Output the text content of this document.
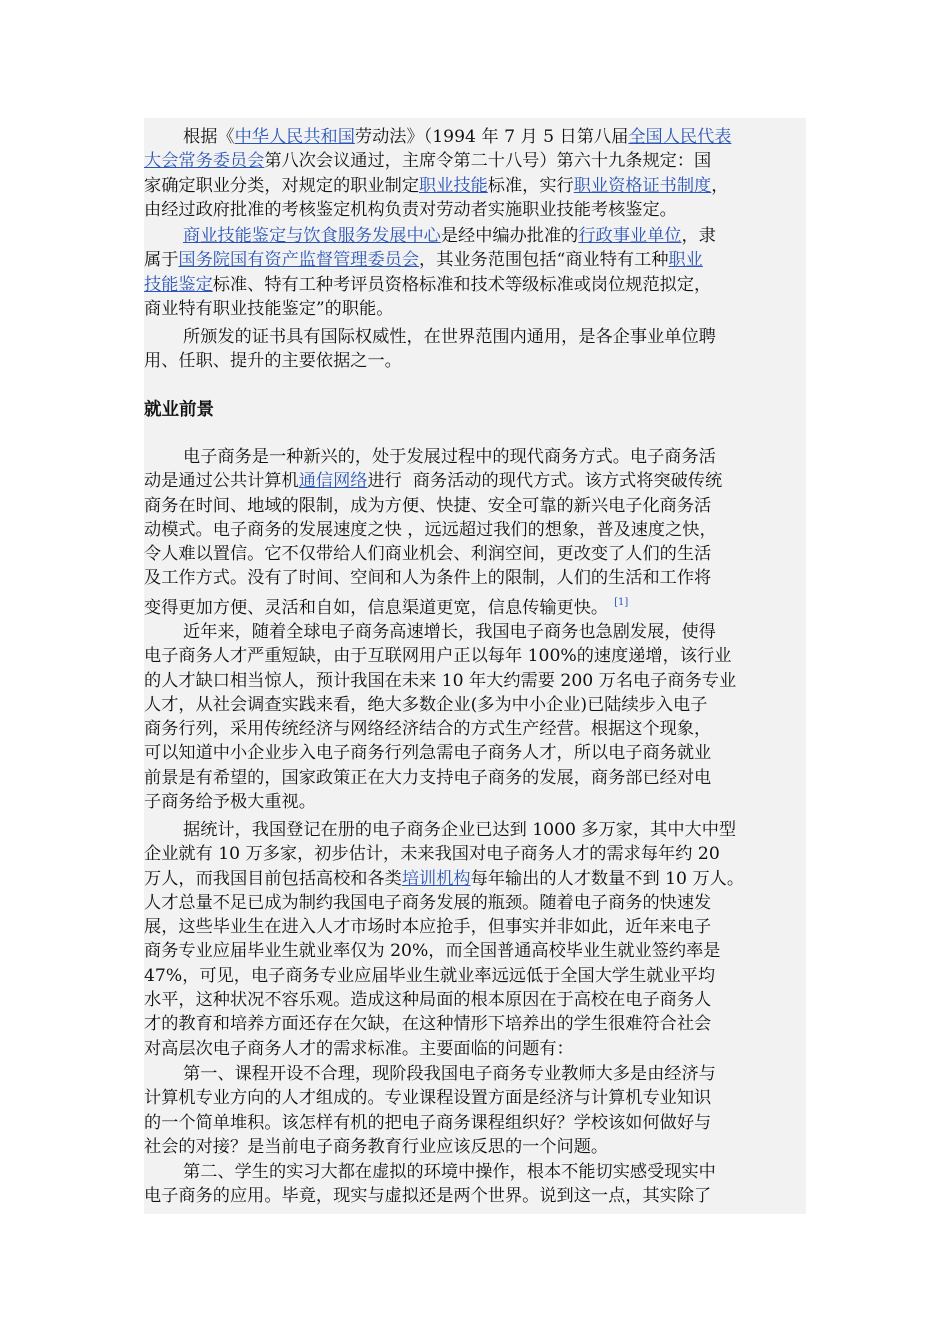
根据《中华人民共和国劳动法》（1994 年 7 月 5 日第八届全国人民代表
大会常务委员会第八次会议通过，主席令第二十八号）第六十九条规定：国
家确定职业分类，对规定的职业制定职业技能标准，实行职业资格证书制度，
由经过政府批准的考核鉴定机构负责对劳动者实施职业技能考核鉴定。
商业技能鉴定与饮食服务发展中心是经中编办批准的行政事业单位，隶
属于国务院国有资产监督管理委员会，其业务范围包括“商业特有工种职业
技能鉴定标准、特有工种考评员资格标准和技术等级标准或岗位规范拟定，
商业特有职业技能鉴定”的职能。
所颁发的证书具有国际权威性，在世界范围内通用，是各企事业单位聘
用、任职、提升的主要依据之一。
就业前景
电子商务是一种新兴的，处于发展过程中的现代商务方式。电子商务活
动是通过公共计算机通信网络进行  商务活动的现代方式。该方式将突破传统
商务在时间、地域的限制，成为方便、快捷、安全可靠的新兴电子化商务活
动模式。电子商务的发展速度之快 ，远远超过我们的想象，普及速度之快，
令人难以置信。它不仅带给人们商业机会、利润空间，更改变了人们的生活
及工作方式。没有了时间、空间和人为条件上的限制，人们的生活和工作将
变得更加方便、灵活和自如，信息渠道更宽，信息传输更快。 [1]
近年来，随着全球电子商务高速增长，我国电子商务也急剧发展，使得
电子商务人才严重短缺，由于互联网用户正以每年 100%的速度递增，该行业
的人才缺口相当惊人，预计我国在未来 10 年大约需要 200 万名电子商务专业
人才，从社会调查实践来看，绝大多数企业(多为中小企业)已陆续步入电子
商务行列，采用传统经济与网络经济结合的方式生产经营。根据这个现象，
可以知道中小企业步入电子商务行列急需电子商务人才，所以电子商务就业
前景是有希望的，国家政策正在大力支持电子商务的发展，商务部已经对电
子商务给予极大重视。
据统计，我国登记在册的电子商务企业已达到 1000 多万家，其中大中型
企业就有 10 万多家，初步估计，未来我国对电子商务人才的需求每年约 20
万人，而我国目前包括高校和各类培训机构每年输出的人才数量不到 10 万人。
人才总量不足已成为制约我国电子商务发展的瓶颈。随着电子商务的快速发
展，这些毕业生在进入人才市场时本应抢手，但事实并非如此，近年来电子
商务专业应届毕业生就业率仅为 20%，而全国普通高校毕业生就业签约率是
47%，可见，电子商务专业应届毕业生就业率远远低于全国大学生就业平均
水平，这种状况不容乐观。造成这种局面的根本原因在于高校在电子商务人
才的教育和培养方面还存在欠缺，在这种情形下培养出的学生很难符合社会
对高层次电子商务人才的需求标准。主要面临的问题有：
第一、课程开设不合理，现阶段我国电子商务专业教师大多是由经济与
计算机专业方向的人才组成的。专业课程设置方面是经济与计算机专业知识
的一个简单堆积。该怎样有机的把电子商务课程组织好？学校该如何做好与
社会的对接？是当前电子商务教育行业应该反思的一个问题。
第二、学生的实习大都在虚拟的环境中操作，根本不能切实感受现实中
电子商务的应用。毕竟，现实与虚拟还是两个世界。说到这一点，其实除了
